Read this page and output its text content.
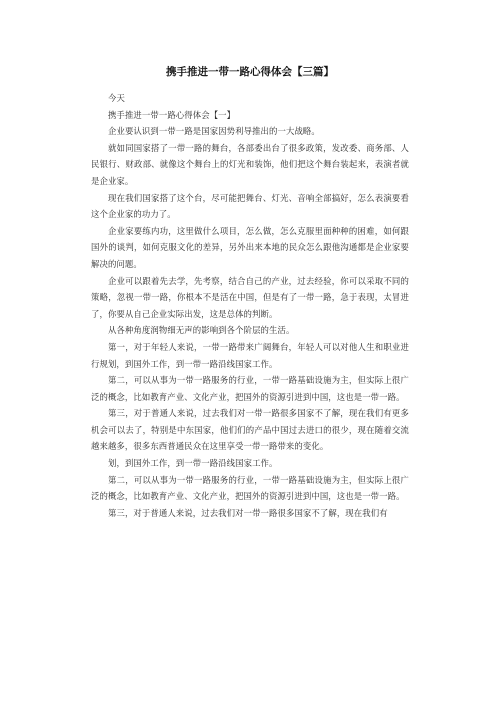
携手推进一带一路心得体会【三篇】

今天

携手推进一带一路心得体会【一】

企业要认识到一带一路是国家因势利导推出的一大战略。

就如同国家搭了一带一路的舞台，各部委出台了很多政策，发改委、商务部、人民银行、财政部、就像这个舞台上的灯光和装饰，他们把这个舞台装起来，表演者就是企业家。

现在我们国家搭了这个台，尽可能把舞台、灯光、音响全部搞好，怎么表演要看这个企业家的功力了。

企业家要练内功，这里做什么项目，怎么做，怎么克服里面种种的困难，如何跟国外的谈判，如何克服文化的差异，另外出来本地的民众怎么跟他沟通都是企业家要解决的问题。

企业可以跟着先去学，先考察，结合自己的产业，过去经验，你可以采取不同的策略，忽视一带一路，你根本不是活在中国，但是有了一带一路，急于表现，太冒进了，你要从自己企业实际出发，这是总体的判断。

从各种角度润物细无声的影响到各个阶层的生活。

第一，对于年轻人来说，一带一路带来广阔舞台，年轻人可以对他人生和职业进行规划，到国外工作，到一带一路沿线国家工作。

第二，可以从事为一带一路服务的行业，一带一路基础设施为主，但实际上很广泛的概念，比如教育产业、文化产业，把国外的资源引进到中国，这也是一带一路。

第三，对于普通人来说，过去我们对一带一路很多国家不了解，现在我们有更多机会可以去了，特别是中东国家，他们们的产品中国过去进口的很少，现在随着交流越来越多，很多东西普通民众在这里享受一带一路带来的变化。

划，到国外工作，到一带一路沿线国家工作。

第二，可以从事为一带一路服务的行业，一带一路基础设施为主，但实际上很广泛的概念，比如教育产业、文化产业，把国外的资源引进到中国，这也是一带一路。

第三，对于普通人来说，过去我们对一带一路很多国家不了解，现在我们有
